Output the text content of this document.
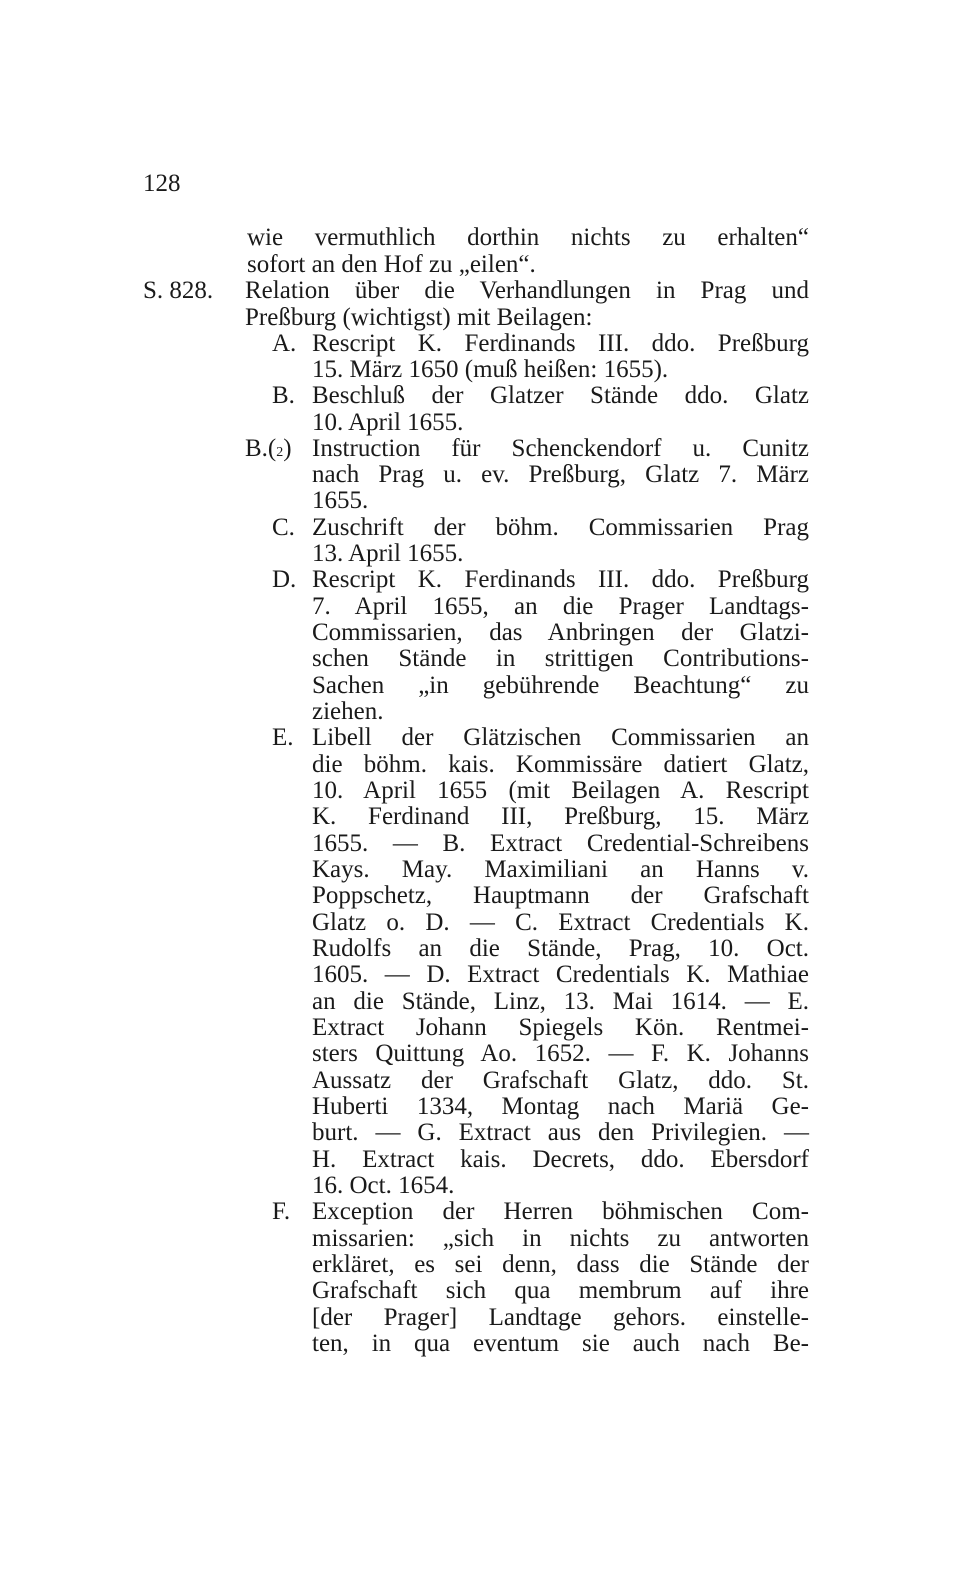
128
wie vermuthlich dorthin nichts zu erhalten“
sofort an den Hof zu „eilen“.
S. 828. Relation über die Verhandlungen in Prag und
Preßburg (wichtigst) mit Beilagen:
A. Rescript K. Ferdinands III. ddo. Preßburg
15. März 1650 (muß heißen: 1655).
B. Beschluß der Glatzer Stände ddo. Glatz
10. April 1655.
B.(2) Instruction für Schenckendorf u. Cunitz
nach Prag u. ev. Preßburg, Glatz 7. März
1655.
C. Zuschrift der böhm. Commissarien Prag
13. April 1655.
D. Rescript K. Ferdinands III. ddo. Preßburg
7. April 1655, an die Prager Landtags-
Commissarien, das Anbringen der Glatzi-
schen Stände in strittigen Contributions-
Sachen „in gebührende Beachtung“ zu
ziehen.
E. Libell der Glätzischen Commissarien an
die böhm. kais. Kommissäre datiert Glatz,
10. April 1655 (mit Beilagen A. Rescript
K. Ferdinand III, Preßburg, 15. März
1655. — B. Extract Credential-Schreibens
Kays. May. Maximiliani an Hanns v.
Poppschetz, Hauptmann der Grafschaft
Glatz o. D. — C. Extract Credentials K.
Rudolfs an die Stände, Prag, 10. Oct.
1605. — D. Extract Credentials K. Mathiae
an die Stände, Linz, 13. Mai 1614. — E.
Extract Johann Spiegels Kön. Rentmei-
sters Quittung Ao. 1652. — F. K. Johanns
Aussatz der Grafschaft Glatz, ddo. St.
Huberti 1334, Montag nach Mariä Ge-
burt. — G. Extract aus den Privilegien. —
H. Extract kais. Decrets, ddo. Ebersdorf
16. Oct. 1654.
F. Exception der Herren böhmischen Com-
missarien: „sich in nichts zu antworten
erkläret, es sei denn, dass die Stände der
Grafschaft sich qua membrum auf ihre
[der Prager] Landtage gehors. einstelle-
ten, in qua eventum sie auch nach Be-
